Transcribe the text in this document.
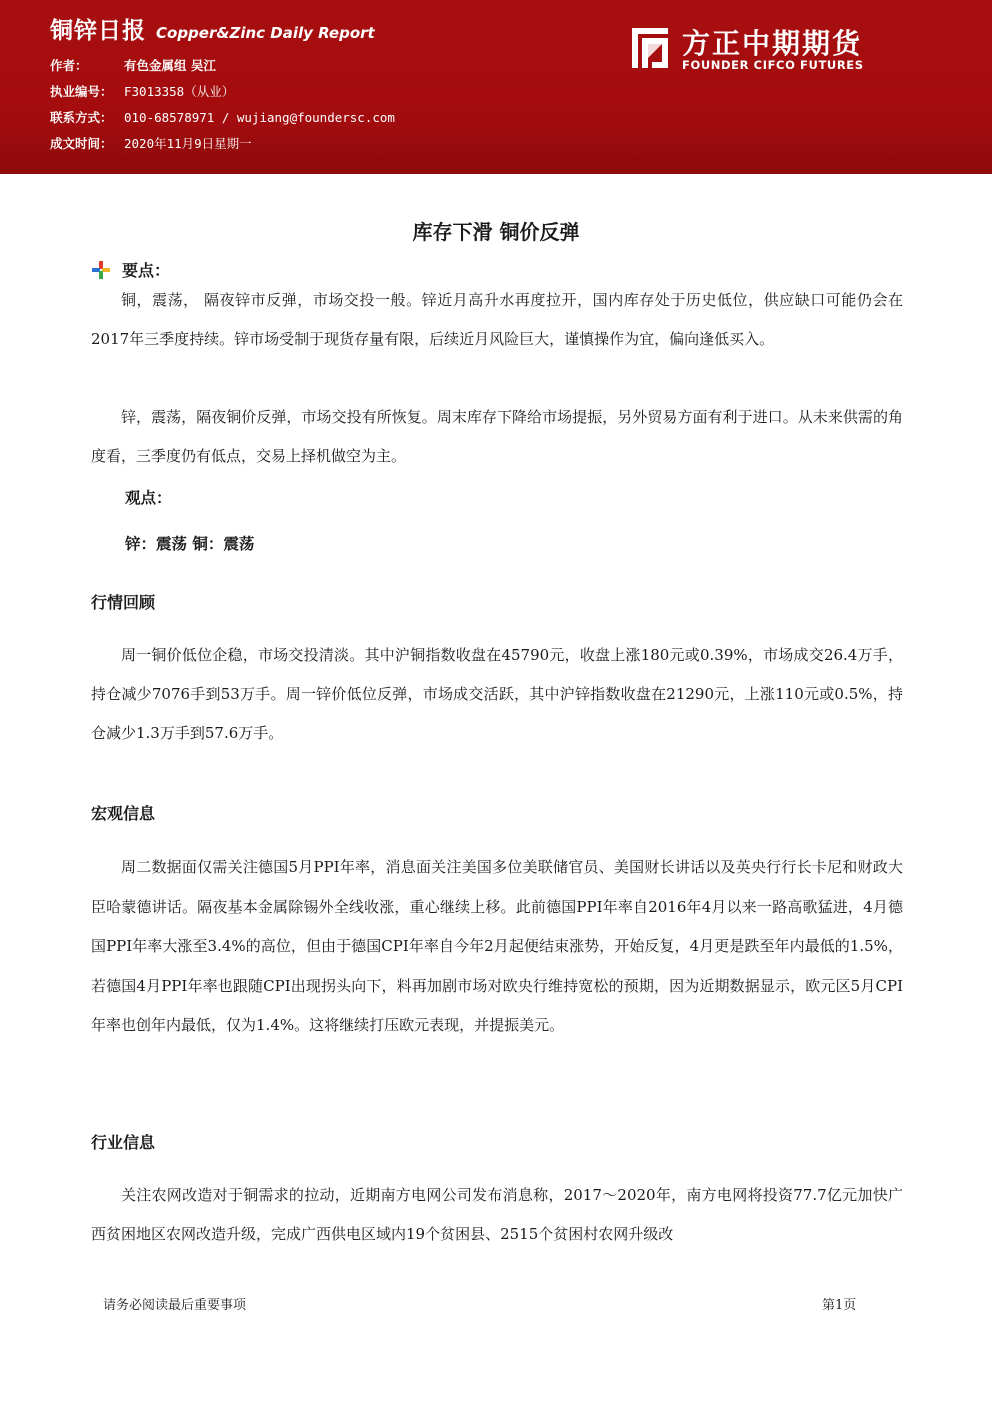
铜锌日报 Copper&Zinc Daily Report
作者：	有色金属组 吴江
执业编号： F3013358（从业）
联系方式： 010-68578971 / wujiang@foundersc.com
成文时间： 2020年11月9日星期一
方正中期期货
FOUNDER CIFCO FUTURES
库存下滑 铜价反弹
要点：

铜，震荡， 隔夜锌市反弹，市场交投一般。锌近月高升水再度拉开，国内库存处于历史低位，供应缺口可能仍会在2017年三季度持续。锌市场受制于现货存量有限，后续近月风险巨大，谨慎操作为宜，偏向逢低买入。

锌，震荡，隔夜铜价反弹，市场交投有所恢复。周末库存下降给市场提振，另外贸易方面有利于进口。从未来供需的角度看，三季度仍有低点，交易上择机做空为主。

观点：
锌：震荡 铜：震荡
行情回顾

周一铜价低位企稳，市场交投清淡。其中沪铜指数收盘在45790元，收盘上涨180元或0.39%，市场成交26.4万手，持仓减少7076手到53万手。周一锌价低位反弹，市场成交活跃，其中沪锌指数收盘在21290元，上涨110元或0.5%，持仓减少1.3万手到57.6万手。

宏观信息

周二数据面仅需关注德国5月PPI年率，消息面关注美国多位美联储官员、美国财长讲话以及英央行行长卡尼和财政大臣哈蒙德讲话。隔夜基本金属除锡外全线收涨，重心继续上移。此前德国PPI年率自2016年4月以来一路高歌猛进，4月德国PPI年率大涨至3.4%的高位，但由于德国CPI年率自今年2月起便结束涨势，开始反复，4月更是跌至年内最低的1.5%，若德国4月PPI年率也跟随CPI出现拐头向下，料再加剧市场对欧央行维持宽松的预期，因为近期数据显示，欧元区5月CPI年率也创年内最低，仅为1.4%。这将继续打压欧元表现，并提振美元。

行业信息

关注农网改造对于铜需求的拉动，近期南方电网公司发布消息称，2017～2020年，南方电网将投资77.7亿元加快广西贫困地区农网改造升级，完成广西供电区域内19个贫困县、2515个贫困村农网升级改

请务必阅读最后重要事项	第1页
